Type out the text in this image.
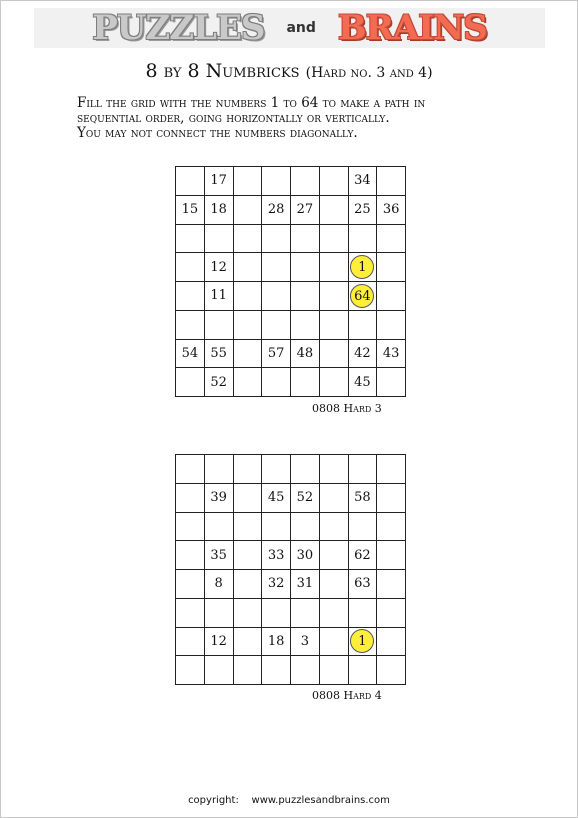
PUZZLES and BRAINS
8 by 8 Numbricks (Hard no. 3 and 4)
Fill the grid with the numbers 1 to 64 to make a path in
sequential order, going horizontally or vertically.
You may not connect the numbers diagonally.
	17					34	
15	18		28	27		25	36

	12					1	
	11					64	

54	55		57	48		42	43
	52					45	
0808 Hard 3

	39		45	52		58	

	35		33	30		62	
	8		32	31		63	

	12		18	3		1	

0808 Hard 4
copyright:    www.puzzlesandbrains.com
